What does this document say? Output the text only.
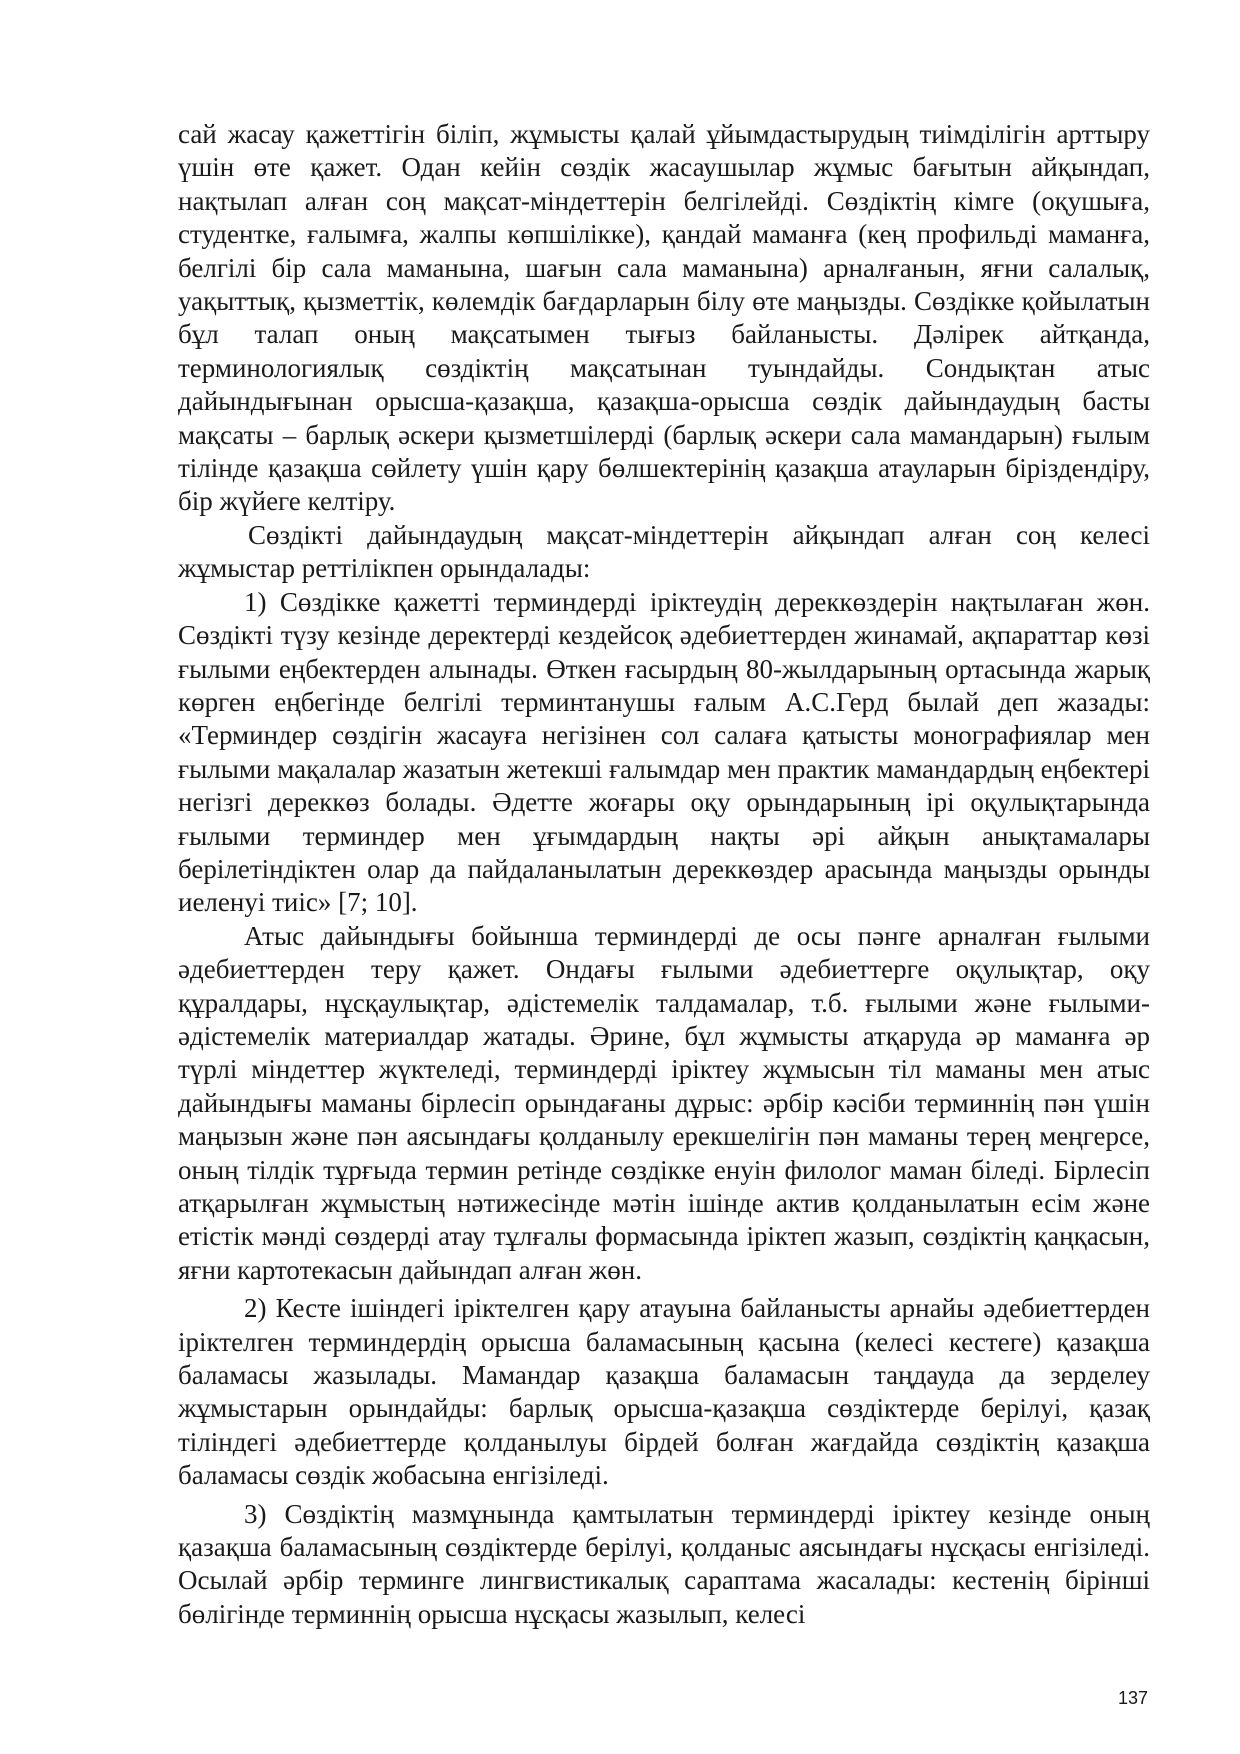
сай жасау қажеттігін біліп, жұмысты қалай ұйымдастырудың тиімділігін арттыру үшін өте қажет. Одан кейін сөздік жасаушылар жұмыс бағытын айқындап, нақтылап алған соң мақсат-міндеттерін белгілейді. Сөздіктің кімге (оқушыға, студентке, ғалымға, жалпы көпшілікке), қандай маманға (кең профильді маманға, белгілі бір сала маманына, шағын сала маманына) арналғанын, яғни салалық, уақыттық, қызметтік, көлемдік бағдарларын білу өте маңызды. Сөздікке қойылатын бұл талап оның мақсатымен тығыз байланысты. Дәлірек айтқанда, терминологиялық сөздіктің мақсатынан туындайды. Сондықтан атыс дайындығынан орысша-қазақша, қазақша-орысша сөздік дайындаудың басты мақсаты – барлық әскери қызметшілерді (барлық әскери сала мамандарын) ғылым тілінде қазақша сөйлету үшін қару бөлшектерінің қазақша атауларын біріздендіру, бір жүйеге келтіру.

Сөздікті дайындаудың мақсат-міндеттерін айқындап алған соң келесі жұмыстар реттілікпен орындалады:

1) Сөздікке қажетті терминдерді іріктеудің дереккөздерін нақтылаған жөн. Сөздікті түзу кезінде деректерді кездейсоқ әдебиеттерден жинамай, ақпараттар көзі ғылыми еңбектерден алынады. Өткен ғасырдың 80-жылдарының ортасында жарық көрген еңбегінде белгілі терминтанушы ғалым А.С.Герд былай деп жазады: «Терминдер сөздігін жасауға негізінен сол салаға қатысты монографиялар мен ғылыми мақалалар жазатын жетекші ғалымдар мен практик мамандардың еңбектері негізгі дереккөз болады. Әдетте жоғары оқу орындарының ірі оқулықтарында ғылыми терминдер мен ұғымдардың нақты әрі айқын анықтамалары берілетіндіктен олар да пайдаланылатын дереккөздер арасында маңызды орынды иеленуі тиіс» [7; 10].

Атыс дайындығы бойынша терминдерді де осы пәнге арналған ғылыми әдебиеттерден теру қажет. Ондағы ғылыми әдебиеттерге оқулықтар, оқу құралдары, нұсқаулықтар, әдістемелік талдамалар, т.б. ғылыми және ғылыми-әдістемелік материалдар жатады. Әрине, бұл жұмысты атқаруда әр маманға әр түрлі міндеттер жүктеледі, терминдерді іріктеу жұмысын тіл маманы мен атыс дайындығы маманы бірлесіп орындағаны дұрыс: әрбір кәсіби терминнің пән үшін маңызын және пән аясындағы қолданылу ерекшелігін пән маманы терең меңгерсе, оның тілдік тұрғыда термин ретінде сөздікке енуін филолог маман біледі. Бірлесіп атқарылған жұмыстың нәтижесінде мәтін ішінде актив қолданылатын есім және етістік мәнді сөздерді атау тұлғалы формасында іріктеп жазып, сөздіктің қаңқасын, яғни картотекасын дайындап алған жөн.

2) Кесте ішіндегі іріктелген қару атауына байланысты арнайы әдебиеттерден іріктелген терминдердің орысша баламасының қасына (келесі кестеге) қазақша баламасы жазылады. Мамандар қазақша баламасын таңдауда да зерделеу жұмыстарын орындайды: барлық орысша-қазақша сөздіктерде берілуі, қазақ тіліндегі әдебиеттерде қолданылуы бірдей болған жағдайда сөздіктің қазақша баламасы сөздік жобасына енгізіледі.

3) Сөздіктің мазмұнында қамтылатын терминдерді іріктеу кезінде оның қазақша баламасының сөздіктерде берілуі, қолданыс аясындағы нұсқасы енгізіледі. Осылай әрбір терминге лингвистикалық сараптама жасалады: кестенің бірінші бөлігінде терминнің орысша нұсқасы жазылып, келесі

137
